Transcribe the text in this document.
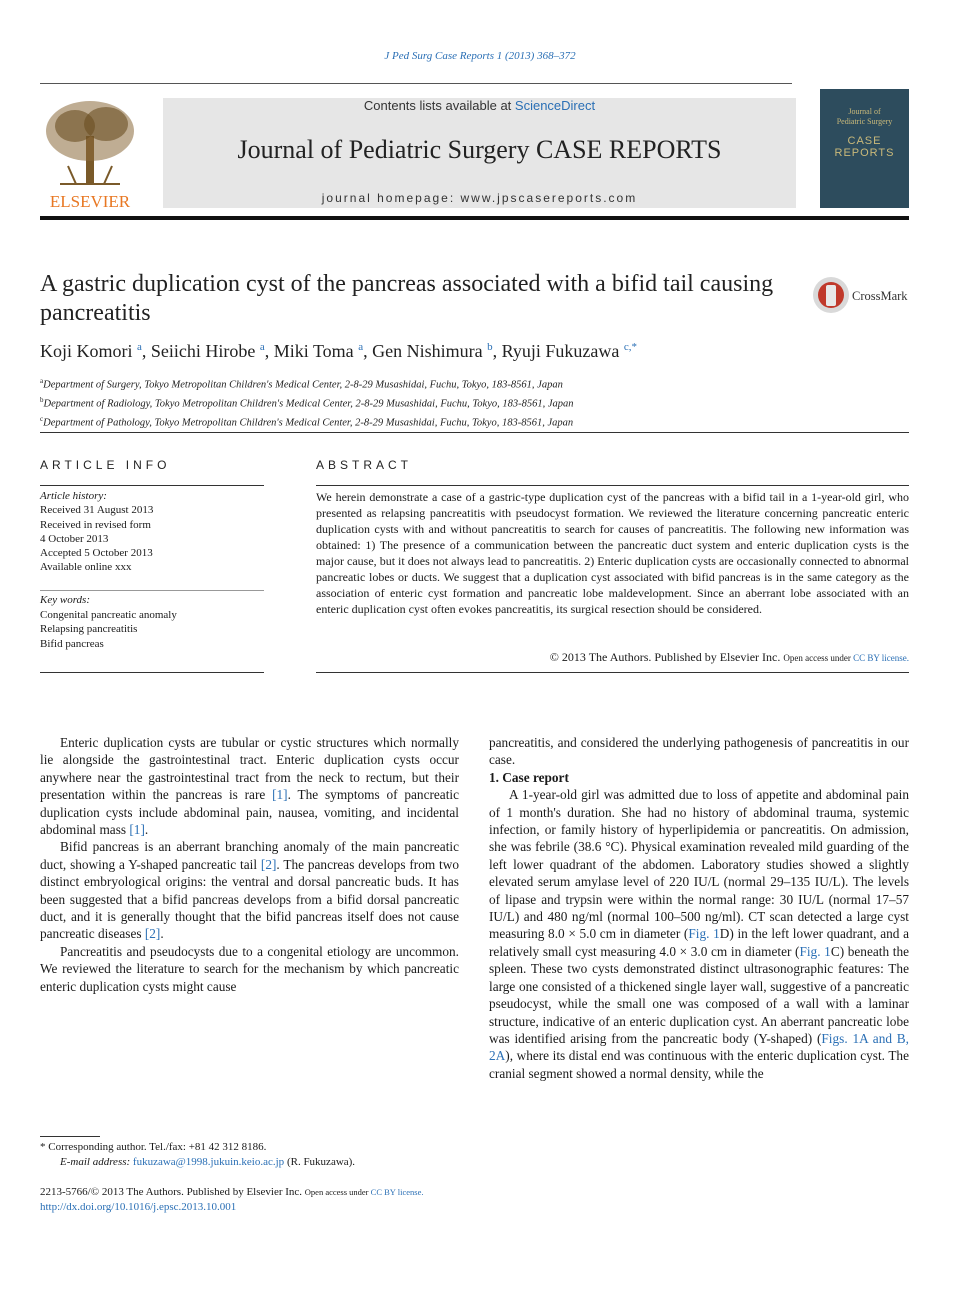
J Ped Surg Case Reports 1 (2013) 368–372
ELSEVIER
Contents lists available at ScienceDirect
Journal of Pediatric Surgery CASE REPORTS
journal homepage: www.jpscasereports.com
Journal of
Pediatric Surgery
CASE
REPORTS
A gastric duplication cyst of the pancreas associated with a bifid tail causing pancreatitis
CrossMark
Koji Komori $^a$, Seiichi Hirobe $^a$, Miki Toma $^a$, Gen Nishimura $^b$, Ryuji Fukuzawa $^{c,*}$
$^a$Department of Surgery, Tokyo Metropolitan Children's Medical Center, 2-8-29 Musashidai, Fuchu, Tokyo, 183-8561, Japan
$^b$Department of Radiology, Tokyo Metropolitan Children's Medical Center, 2-8-29 Musashidai, Fuchu, Tokyo, 183-8561, Japan
$^c$Department of Pathology, Tokyo Metropolitan Children's Medical Center, 2-8-29 Musashidai, Fuchu, Tokyo, 183-8561, Japan
ARTICLE INFO
Article history:
Received 31 August 2013
Received in revised form
4 October 2013
Accepted 5 October 2013
Available online xxx
Key words:
Congenital pancreatic anomaly
Relapsing pancreatitis
Bifid pancreas
ABSTRACT
We herein demonstrate a case of a gastric-type duplication cyst of the pancreas with a bifid tail in a 1-year-old girl, who presented as relapsing pancreatitis with pseudocyst formation. We reviewed the literature concerning pancreatic enteric duplication cysts with and without pancreatitis to search for causes of pancreatitis. The following new information was obtained: 1) The presence of a communication between the pancreatic duct system and enteric duplication cysts is the major cause, but it does not always lead to pancreatitis. 2) Enteric duplication cysts are occasionally connected to abnormal pancreatic lobes or ducts. We suggest that a duplication cyst associated with bifid pancreas is in the same category as the association of enteric cyst formation and pancreatic lobe maldevelopment. Since an aberrant lobe associated with an enteric duplication cyst often evokes pancreatitis, its surgical resection should be considered.
© 2013 The Authors. Published by Elsevier Inc. Open access under CC BY license.

Enteric duplication cysts are tubular or cystic structures which normally lie alongside the gastrointestinal tract. Enteric duplication cysts occur anywhere near the gastrointestinal tract from the neck to rectum, but their presentation within the pancreas is rare [1]. The symptoms of pancreatic duplication cysts include abdominal pain, nausea, vomiting, and incidental abdominal mass [1].

Bifid pancreas is an aberrant branching anomaly of the main pancreatic duct, showing a Y-shaped pancreatic tail [2]. The pancreas develops from two distinct embryological origins: the ventral and dorsal pancreatic buds. It has been suggested that a bifid pancreas develops from a bifid dorsal pancreatic duct, and it is generally thought that the bifid pancreas itself does not cause pancreatic diseases [2].

Pancreatitis and pseudocysts due to a congenital etiology are uncommon. We reviewed the literature to search for the mechanism by which pancreatic enteric duplication cysts might cause

pancreatitis, and considered the underlying pathogenesis of pancreatitis in our case.

1. Case report

A 1-year-old girl was admitted due to loss of appetite and abdominal pain of 1 month's duration. She had no history of abdominal trauma, systemic infection, or family history of hyperlipidemia or pancreatitis. On admission, she was febrile (38.6 °C). Physical examination revealed mild guarding of the left lower quadrant of the abdomen. Laboratory studies showed a slightly elevated serum amylase level of 220 IU/L (normal 29–135 IU/L). The levels of lipase and trypsin were within the normal range: 30 IU/L (normal 17–57 IU/L) and 480 ng/ml (normal 100–500 ng/ml). CT scan detected a large cyst measuring 8.0 × 5.0 cm in diameter (Fig. 1D) in the left lower quadrant, and a relatively small cyst measuring 4.0 × 3.0 cm in diameter (Fig. 1C) beneath the spleen. These two cysts demonstrated distinct ultrasonographic features: The large one consisted of a thickened single layer wall, suggestive of a pancreatic pseudocyst, while the small one was composed of a wall with a laminar structure, indicative of an enteric duplication cyst. An aberrant pancreatic lobe was identified arising from the pancreatic body (Y-shaped) (Figs. 1A and B, 2A), where its distal end was continuous with the enteric duplication cyst. The cranial segment showed a normal density, while the

* Corresponding author. Tel./fax: +81 42 312 8186.
E-mail address: fukuzawa@1998.jukuin.keio.ac.jp (R. Fukuzawa).
2213-5766/© 2013 The Authors. Published by Elsevier Inc. Open access under CC BY license.
http://dx.doi.org/10.1016/j.epsc.2013.10.001
